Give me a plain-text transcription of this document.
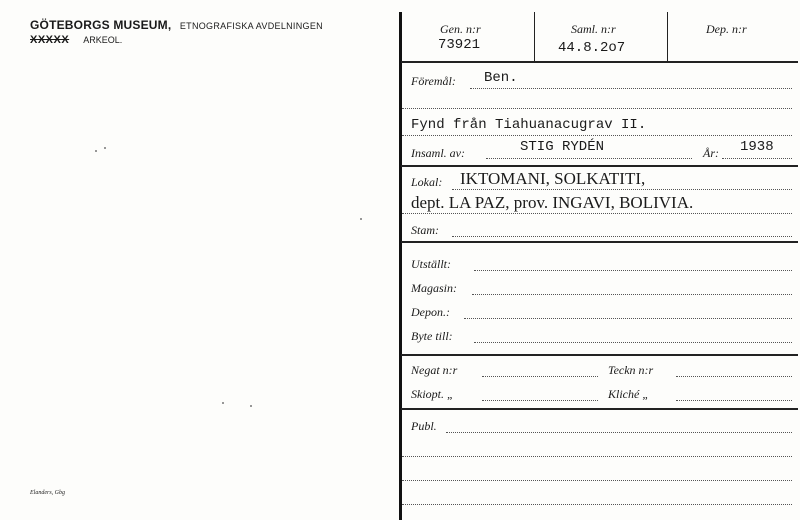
GÖTEBORGS MUSEUM, ETNOGRAFISKA AVDELNINGEN
XXXXX ARKEOL.
Elanders, Gbg
Gen. n:r
73921
Saml. n:r
44.8.2o7
Dep. n:r
Föremål: Ben.
Fynd från Tiahuanacugrav II.
Insaml. av:	STIG RYDÉN	År: 1938
Lokal: IKTOMANI, SOLKATITI,
dept. LA PAZ, prov. INGAVI, BOLIVIA.
Stam:
Utställt:
Magasin:
Depon.:
Byte till:
Negat n:r	Teckn n:r
Skiopt. „	Kliché „
Publ.
